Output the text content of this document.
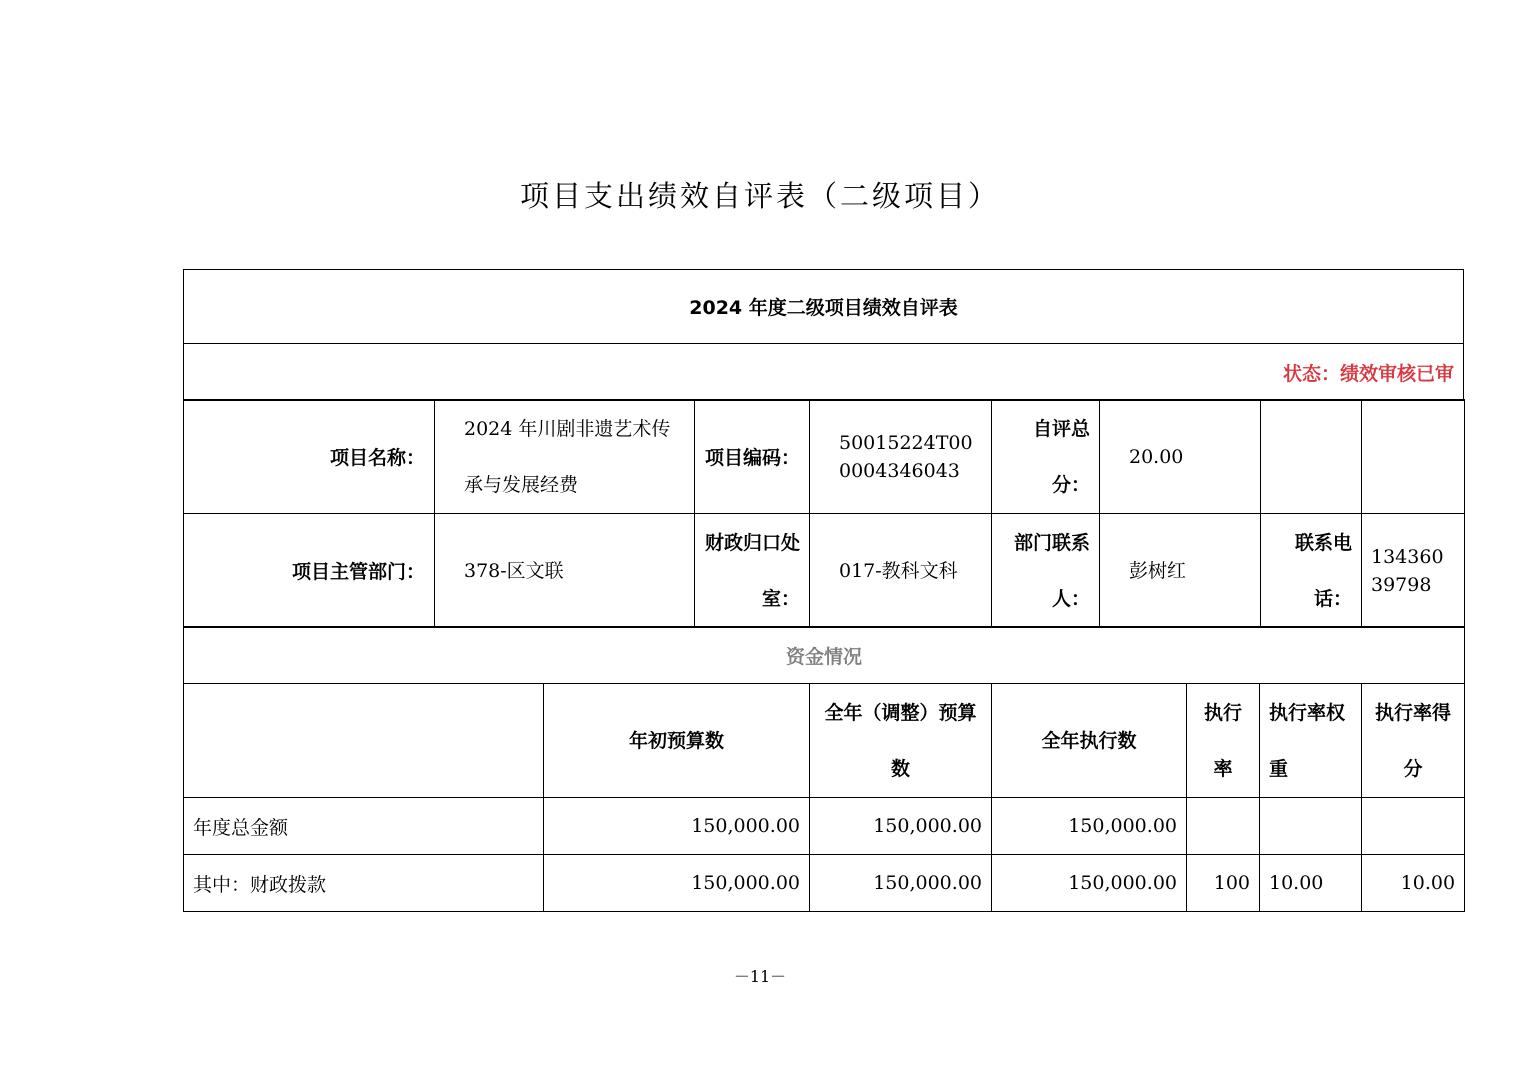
项目支出绩效自评表（二级项目）
2024 年度二级项目绩效自评表
状态：绩效审核已审
项目名称：	2024 年川剧非遗艺术传承与发展经费	项目编码：	50015224T000004346043	自评总分：	20.00		
项目主管部门：	378-区文联	财政归口处室：	017-教科文科	部门联系人：	彭树红	联系电话：	13436039798
资金情况						
	年初预算数	全年（调整）预算数	全年执行数	执行率	执行率权重	执行率得分
年度总金额	150,000.00	150,000.00	150,000.00			
其中：财政拨款	150,000.00	150,000.00	150,000.00	100	10.00	10.00
－11－
